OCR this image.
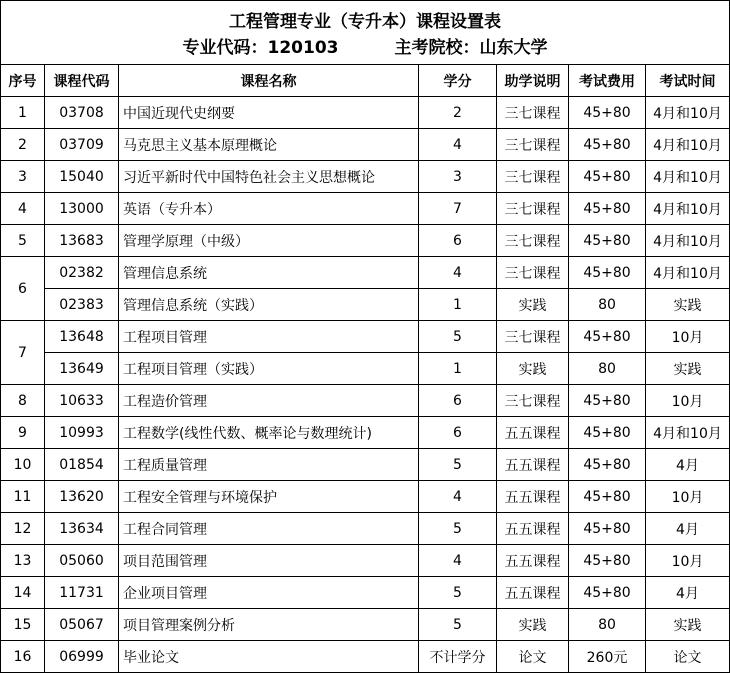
工程管理专业（专升本）课程设置表
专业代码：120103 主考院校：山东大学						

序号	课程代码	课程名称	学分	助学说明	考试费用	考试时间
1	03708	中国近现代史纲要	2	三七课程	45+80	4月和10月
2	03709	马克思主义基本原理概论	4	三七课程	45+80	4月和10月
3	15040	习近平新时代中国特色社会主义思想概论	3	三七课程	45+80	4月和10月
4	13000	英语（专升本）	7	三七课程	45+80	4月和10月
5	13683	管理学原理（中级）	6	三七课程	45+80	4月和10月
6	02382	管理信息系统	4	三七课程	45+80	4月和10月
	02383	管理信息系统（实践）	1	实践	80	实践
7	13648	工程项目管理	5	三七课程	45+80	10月
	13649	工程项目管理（实践）	1	实践	80	实践
8	10633	工程造价管理	6	三七课程	45+80	10月
9	10993	工程数学(线性代数、概率论与数理统计)	6	五五课程	45+80	4月和10月
10	01854	工程质量管理	5	五五课程	45+80	4月
11	13620	工程安全管理与环境保护	4	五五课程	45+80	10月
12	13634	工程合同管理	5	五五课程	45+80	4月
13	05060	项目范围管理	4	五五课程	45+80	10月
14	11731	企业项目管理	5	五五课程	45+80	4月
15	05067	项目管理案例分析	5	实践	80	实践
16	06999	毕业论文	不计学分	论文	260元	论文
